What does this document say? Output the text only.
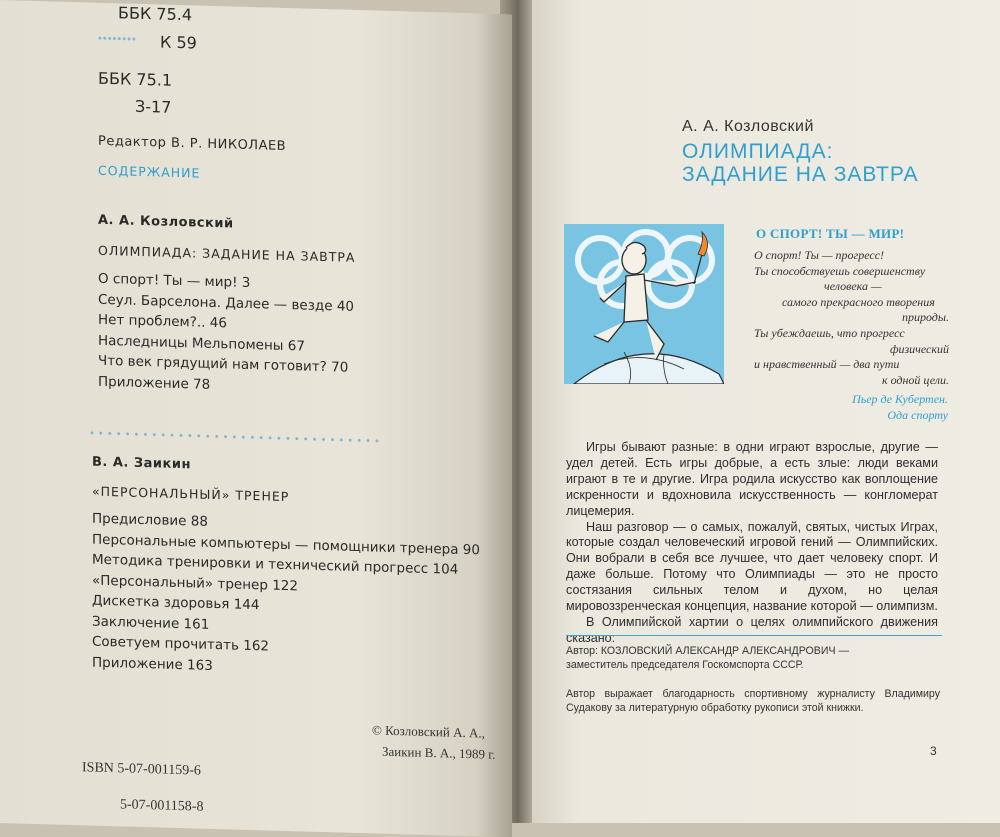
ББК 75.4
•••••••• К 59
ББК 75.1
З-17
Редактор В. Р. НИКОЛАЕВ
СОДЕРЖАНИЕ
А. А. Козловский
ОЛИМПИАДА: ЗАДАНИЕ НА ЗАВТРА
О спорт! Ты — мир! 3
Сеул. Барселона. Далее — везде 40
Нет проблем?.. 46
Наследницы Мельпомены 67
Что век грядущий нам готовит? 70
Приложение 78
• • • • • • • • • • • • • • • • • • • • • • • • • • • • • • • • •
В. А. Заикин
«ПЕРСОНАЛЬНЫЙ» ТРЕНЕР
Предисловие 88
Персональные компьютеры — помощники тренера 90
Методика тренировки и технический прогресс 104
«Персональный» тренер 122
Дискетка здоровья 144
Заключение 161
Советуем прочитать 162
Приложение 163
© Козловский А. А.,
Заикин В. А., 1989 г.
ISBN 5-07-001159-6
5-07-001158-8
А. А. Козловский
ОЛИМПИАДА:
ЗАДАНИЕ НА ЗАВТРА
О СПОРТ! ТЫ — МИР!
О спорт! Ты — прогресс!
Ты способствуешь совершенству
человека —
самого прекрасного творения
природы.
Ты убеждаешь, что прогресс
физический
и нравственный — два пути
к одной цели.
Пьер де Кубертен.
Ода спорту
Игры бывают разные: в одни играют взрослые, другие — удел детей. Есть игры добрые, а есть злые: люди веками играют в те и другие. Игра родила искусство как воплощение искренности и вдохновила искусственность — конгломерат лицемерия.
Наш разговор — о самых, пожалуй, святых, чистых Играх, которые создал человеческий игровой гений — Олимпийских. Они вобрали в себя все лучшее, что дает человеку спорт. И даже больше. Потому что Олимпиады — это не просто состязания сильных телом и духом, но целая мировоззренческая концепция, название которой — олимпизм.
В Олимпийской хартии о целях олимпийского движения сказано:
Автор: КОЗЛОВСКИЙ АЛЕКСАНДР АЛЕКСАНДРОВИЧ —
заместитель председателя Госкомспорта СССР.
Автор выражает благодарность спортивному журналисту Владимиру Судакову за литературную обработку рукописи этой книжки.
3
